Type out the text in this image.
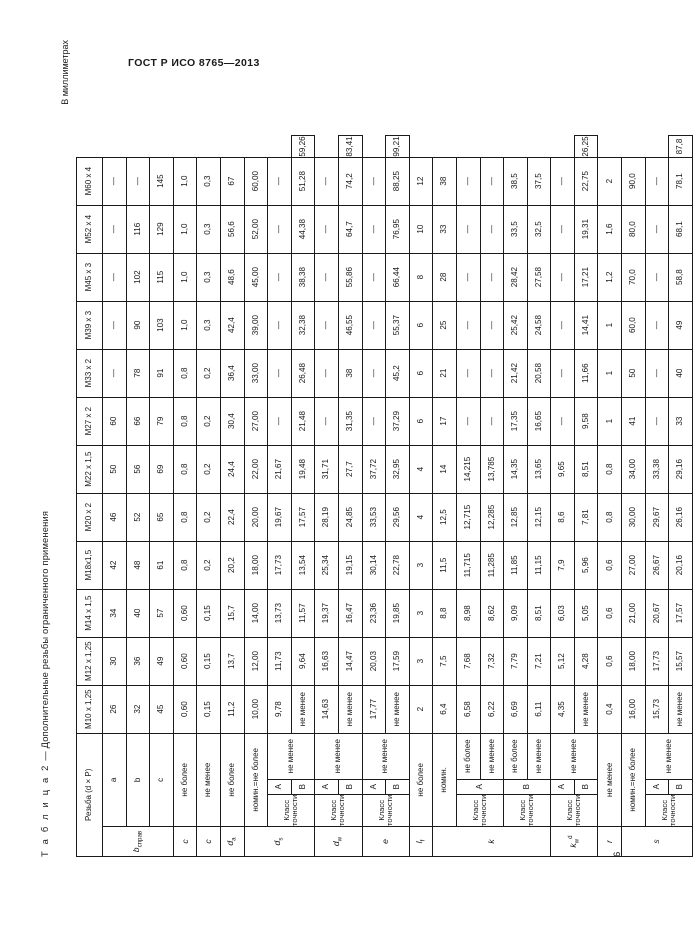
ГОСТ Р ИСО 8765—2013
Т а б л и ц а 2 — Дополнительные резьбы ограниченного применения
В миллиметрах
6
Резьба (d × P)				M10 x 1,25	M12 x 1,25	M14 x 1,5	M18x1,5	M20 x 2	M22 x 1,5	M27 x 2	M33 x 2	M39 x 3	M45 x 3	M52 x 4	M60 x 4	
$b_{справ}$	a			26	30	34	42	46	50	60	—	—	—	—	—	
	b			32	36	40	48	52	56	66	78	90	102	116	—	
	c			45	49	57	61	65	69	79	91	103	115	129	145	
c	не более			0,60	0,60	0,60	0,8	0,8	0,8	0,8	0,8	1,0	1,0	1,0	1,0	
c	не менее			0,15	0,15	0,15	0,2	0,2	0,2	0,2	0,2	0,3	0,3	0,3	0,3	
$d_a$	не более			11,2	13,7	15,7	20,2	22,4	24,4	30,4	36,4	42,4	48,6	56,6	67	
$d_s$	номин.=не более			10,00	12,00	14,00	18,00	20,00	22,00	27,00	33,00	39,00	45,00	52,00	60,00	
	Класс
точности	A	не менее	9,78	11,73	13,73	17,73	19,67	21,67	—	—	—	—	—	—	
		B		не менее	9,64	11,57	13,54	17,57	19,48	21,48	26,48	32,38	38,38	44,38	51,28	59,26
$d_w$	Класс
точности	A	не менее	14,63	16,63	19,37	25,34	28,19	31,71	—	—	—	—	—	—	
		B		не менее	14,47	16,47	19,15	24,85	27,7	31,35	38	46,55	55,86	64,7	74,2	83,41
e	Класс
точности	A	не менее	17,77	20,03	23,36	30,14	33,53	37,72	—	—	—	—	—	—	
		B		не менее	17,59	19,85	22,78	29,56	32,95	37,29	45,2	55,37	66,44	76,95	88,25	99,21
$l_f$	не более			2	3	3	3	4	4	6	6	6	8	10	12	
k	номин.			6,4	7,5	8,8	11,5	12,5	14	17	21	25	28	33	38	
	Класс
точности	A	не более	6,58	7,68	8,98	11,715	12,715	14,215	—	—	—	—	—	—	
			не менее	6,22	7,32	8,62	11,285	12,285	13,785	—	—	—	—	—	—	
	Класс
точности	B	не более	6,69	7,79	9,09	11,85	12,85	14,35	17,35	21,42	25,42	28,42	33,5	38,5	
			не менее	6,11	7,21	8,51	11,15	12,15	13,65	16,65	20,58	24,58	27,58	32,5	37,5	
$k_w^d$	Класс
точности	A	не менее	4,35	5,12	6,03	7,9	8,6	9,65	—	—	—	—	—	—	
		B		не менее	4,28	5,05	5,96	7,81	8,51	9,58	11,66	14,41	17,21	19,31	22,75	26,25
r	не менее			0,4	0,6	0,6	0,6	0,8	0,8	1	1	1	1,2	1,6	2	
s	номин.=не более			16,00	18,00	21,00	27,00	30,00	34,00	41	50	60,0	70,0	80,0	90,0	
	Класс
точности	A	не менее	15,73	17,73	20,67	26,67	29,67	33,38	—	—	—	—	—	—	
		B		не менее	15,57	17,57	20,16	26,16	29,16	33	40	49	58,8	68,1	78,1	87,8
